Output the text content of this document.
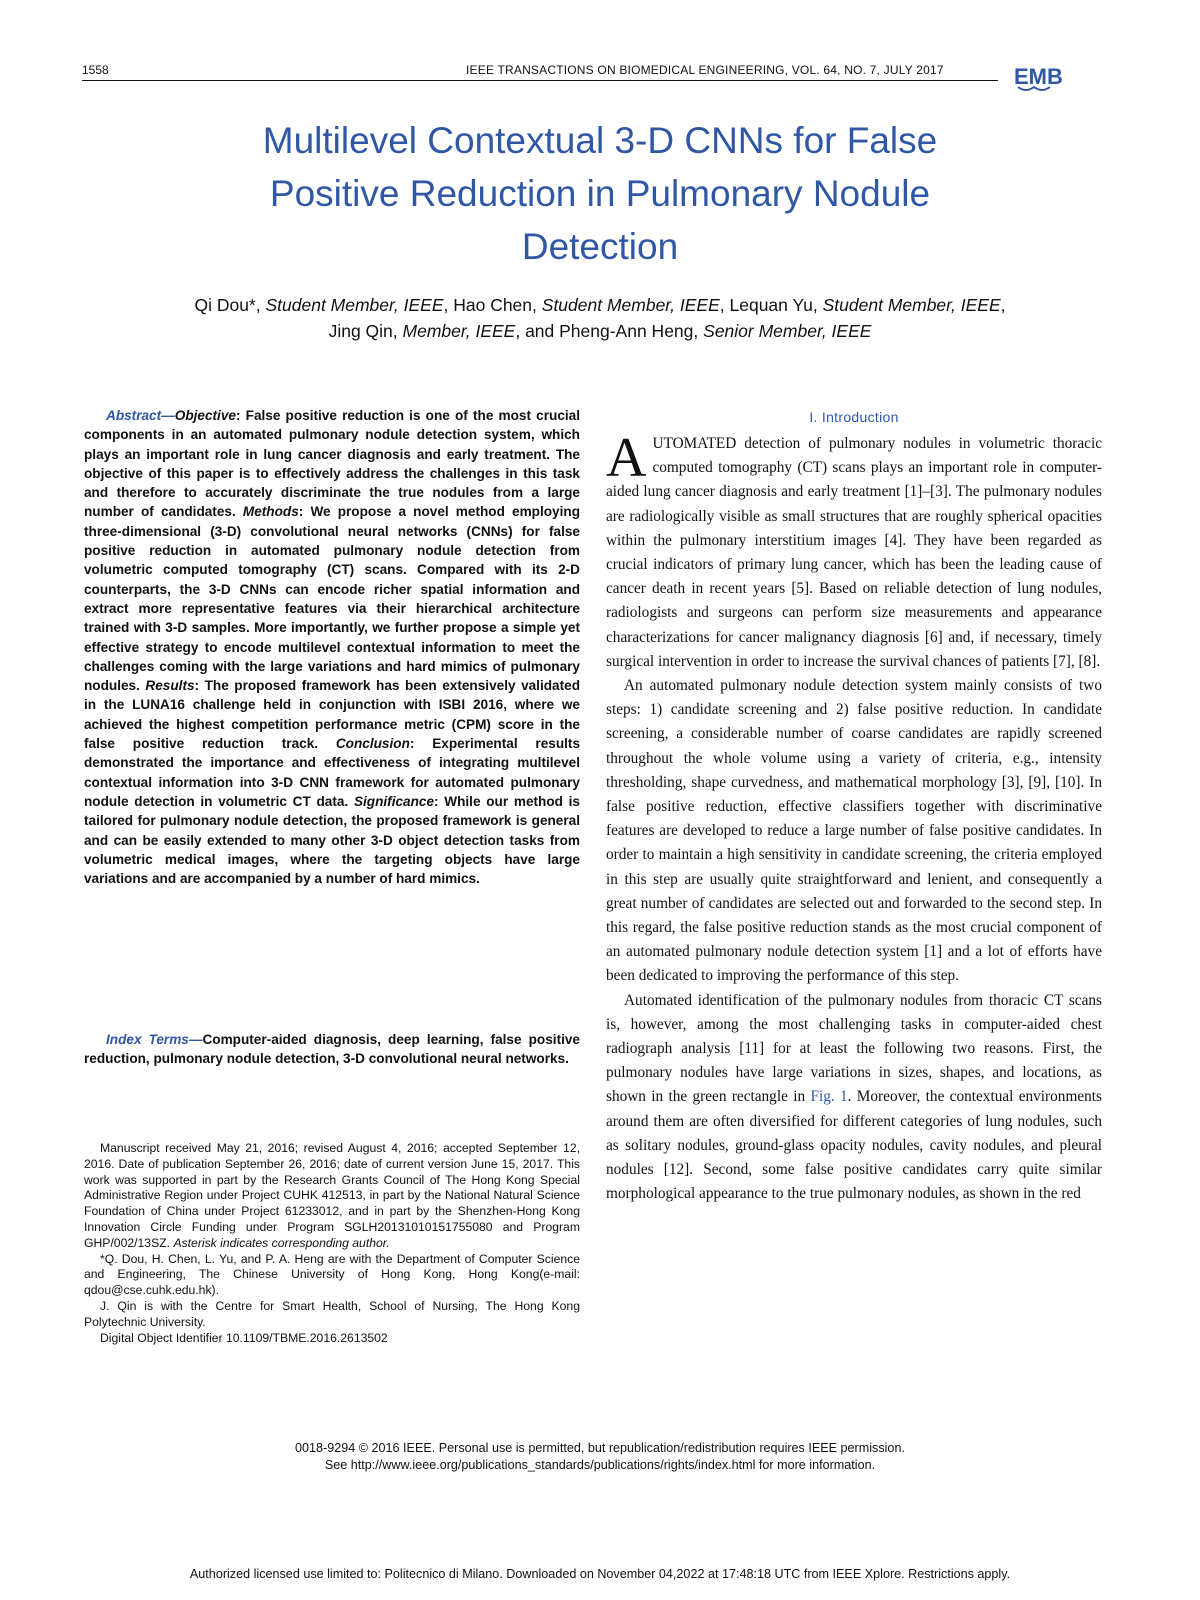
1558	IEEE TRANSACTIONS ON BIOMEDICAL ENGINEERING, VOL. 64, NO. 7, JULY 2017	EMB
Multilevel Contextual 3-D CNNs for False
Positive Reduction in Pulmonary Nodule
Detection
Qi Dou*, Student Member, IEEE, Hao Chen, Student Member, IEEE, Lequan Yu, Student Member, IEEE,
Jing Qin, Member, IEEE, and Pheng-Ann Heng, Senior Member, IEEE

Abstract—Objective: False positive reduction is one of the most crucial components in an automated pulmonary nodule detection system, which plays an important role in lung cancer diagnosis and early treatment. The objective of this paper is to effectively address the challenges in this task and therefore to accurately discriminate the true nodules from a large number of candidates. Methods: We propose a novel method employing three-dimensional (3-D) convolutional neural networks (CNNs) for false positive reduction in automated pulmonary nodule detection from volumetric computed tomography (CT) scans. Compared with its 2-D counterparts, the 3-D CNNs can encode richer spatial information and extract more representative features via their hierarchical architecture trained with 3-D samples. More importantly, we further propose a simple yet effective strategy to encode multilevel contextual information to meet the challenges coming with the large variations and hard mimics of pulmonary nodules. Results: The proposed framework has been extensively validated in the LUNA16 challenge held in conjunction with ISBI 2016, where we achieved the highest competition performance metric (CPM) score in the false positive reduction track. Conclusion: Experimental results demonstrated the importance and effectiveness of integrating multilevel contextual information into 3-D CNN framework for automated pulmonary nodule detection in volumetric CT data. Significance: While our method is tailored for pulmonary nodule detection, the proposed framework is general and can be easily extended to many other 3-D object detection tasks from volumetric medical images, where the targeting objects have large variations and are accompanied by a number of hard mimics.

Index Terms—Computer-aided diagnosis, deep learning, false positive reduction, pulmonary nodule detection, 3-D convolutional neural networks.

Manuscript received May 21, 2016; revised August 4, 2016; accepted September 12, 2016. Date of publication September 26, 2016; date of current version June 15, 2017. This work was supported in part by the Research Grants Council of The Hong Kong Special Administrative Region under Project CUHK 412513, in part by the National Natural Science Foundation of China under Project 61233012, and in part by the Shenzhen-Hong Kong Innovation Circle Funding under Program SGLH20131010151755080 and Program GHP/002/13SZ. Asterisk indicates corresponding author.

*Q. Dou, H. Chen, L. Yu, and P. A. Heng are with the Department of Computer Science and Engineering, The Chinese University of Hong Kong, Hong Kong(e-mail: qdou@cse.cuhk.edu.hk).

J. Qin is with the Centre for Smart Health, School of Nursing, The Hong Kong Polytechnic University.

Digital Object Identifier 10.1109/TBME.2016.2613502

I. Introduction

AUTOMATED detection of pulmonary nodules in volumetric thoracic computed tomography (CT) scans plays an important role in computer-aided lung cancer diagnosis and early treatment [1]–[3]. The pulmonary nodules are radiologically visible as small structures that are roughly spherical opacities within the pulmonary interstitium images [4]. They have been regarded as crucial indicators of primary lung cancer, which has been the leading cause of cancer death in recent years [5]. Based on reliable detection of lung nodules, radiologists and surgeons can perform size measurements and appearance characterizations for cancer malignancy diagnosis [6] and, if necessary, timely surgical intervention in order to increase the survival chances of patients [7], [8].

An automated pulmonary nodule detection system mainly consists of two steps: 1) candidate screening and 2) false positive reduction. In candidate screening, a considerable number of coarse candidates are rapidly screened throughout the whole volume using a variety of criteria, e.g., intensity thresholding, shape curvedness, and mathematical morphology [3], [9], [10]. In false positive reduction, effective classifiers together with discriminative features are developed to reduce a large number of false positive candidates. In order to maintain a high sensitivity in candidate screening, the criteria employed in this step are usually quite straightforward and lenient, and consequently a great number of candidates are selected out and forwarded to the second step. In this regard, the false positive reduction stands as the most crucial component of an automated pulmonary nodule detection system [1] and a lot of efforts have been dedicated to improving the performance of this step.

Automated identification of the pulmonary nodules from thoracic CT scans is, however, among the most challenging tasks in computer-aided chest radiograph analysis [11] for at least the following two reasons. First, the pulmonary nodules have large variations in sizes, shapes, and locations, as shown in the green rectangle in Fig. 1. Moreover, the contextual environments around them are often diversified for different categories of lung nodules, such as solitary nodules, ground-glass opacity nodules, cavity nodules, and pleural nodules [12]. Second, some false positive candidates carry quite similar morphological appearance to the true pulmonary nodules, as shown in the red

0018-9294 © 2016 IEEE. Personal use is permitted, but republication/redistribution requires IEEE permission.
See http://www.ieee.org/publications_standards/publications/rights/index.html for more information.
Authorized licensed use limited to: Politecnico di Milano. Downloaded on November 04,2022 at 17:48:18 UTC from IEEE Xplore. Restrictions apply.
